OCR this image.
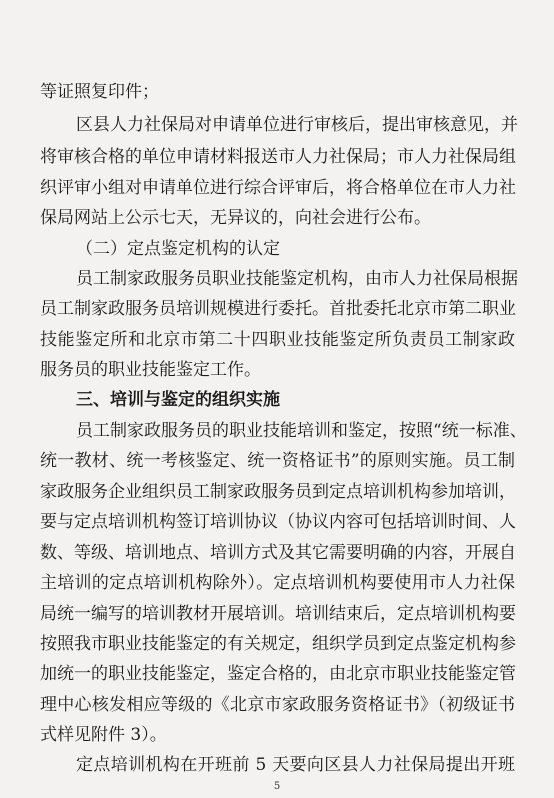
等证照复印件；
区县人力社保局对申请单位进行审核后，提出审核意见，并
将审核合格的单位申请材料报送市人力社保局；市人力社保局组
织评审小组对申请单位进行综合评审后，将合格单位在市人力社
保局网站上公示七天，无异议的，向社会进行公布。
（二）定点鉴定机构的认定
员工制家政服务员职业技能鉴定机构，由市人力社保局根据
员工制家政服务员培训规模进行委托。首批委托北京市第二职业
技能鉴定所和北京市第二十四职业技能鉴定所负责员工制家政
服务员的职业技能鉴定工作。
三、培训与鉴定的组织实施
员工制家政服务员的职业技能培训和鉴定，按照“统一标准、
统一教材、统一考核鉴定、统一资格证书”的原则实施。员工制
家政服务企业组织员工制家政服务员到定点培训机构参加培训，
要与定点培训机构签订培训协议（协议内容可包括培训时间、人
数、等级、培训地点、培训方式及其它需要明确的内容，开展自
主培训的定点培训机构除外）。定点培训机构要使用市人力社保
局统一编写的培训教材开展培训。培训结束后，定点培训机构要
按照我市职业技能鉴定的有关规定，组织学员到定点鉴定机构参
加统一的职业技能鉴定，鉴定合格的，由北京市职业技能鉴定管
理中心核发相应等级的《北京市家政服务资格证书》（初级证书
式样见附件 3）。
定点培训机构在开班前 5 天要向区县人力社保局提出开班
5
